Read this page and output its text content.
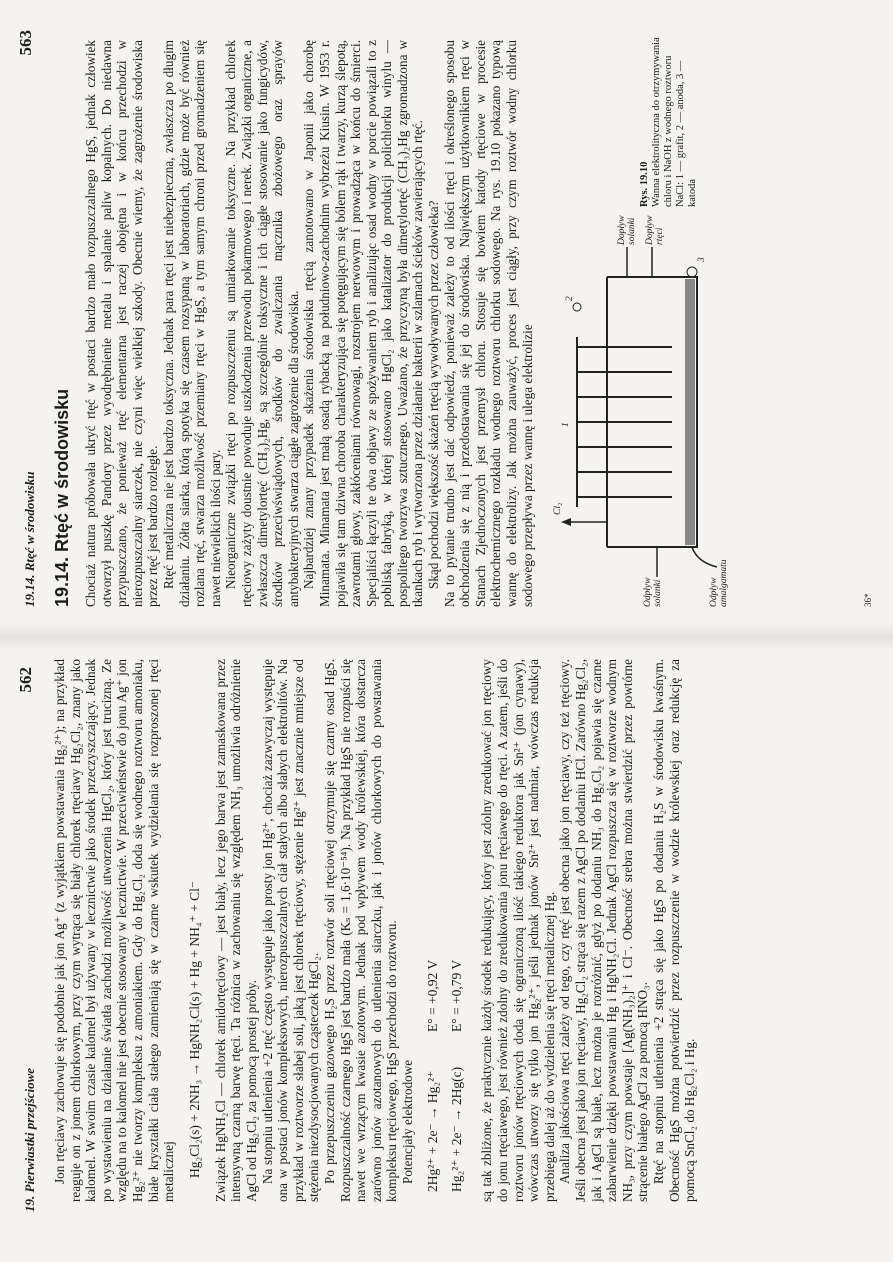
19. Pierwiastki przejściowe
562 Jon rtęciawy zachowuje się podobnie jak jon Ag⁺ (z wyjątkiem powstawania Hg₂²⁺); na przykład reaguje on z jonem chlorkowym, przy czym wytrąca się biały chlorek rtęciawy Hg₂Cl₂, znany jako kalomel. W swoim czasie kalomel był używany w lecznictwie jako środek przeczyszczający. Jednak po wystawieniu na działanie światła zachodzi możliwość utworzenia HgCl₂, który jest trucizną. Ze względu na to kalomel nie jest obecnie stosowany w lecznictwie. W przeciwieństwie do jonu Ag⁺ jon Hg₂²⁺ nie tworzy kompleksu z amoniakiem. Gdy do Hg₂Cl₂ doda się wodnego roztworu amoniaku, białe kryształki ciała stałego zamieniają się w czarne wskutek wydzielania się rozproszonej rtęci metalicznej Hg₂Cl₂(s) + 2NH₃ → HgNH₂Cl(s) + Hg + NH₄⁺ + Cl⁻ Związek HgNH₂Cl — chlorek amidortęciowy — jest biały, lecz jego barwa jest zamaskowana przez intensywną czarną barwę rtęci. Ta różnica w zachowaniu się względem NH₃ umożliwia odróżnienie AgCl od Hg₂Cl₂ za pomocą prostej próby. Na stopniu utlenienia +2 rtęć często występuje jako prosty jon Hg²⁺, chociaż zazwyczaj występuje ona w postaci jonów kompleksowych, nierozpuszczalnych ciał stałych albo słabych elektrolitów. Na przykład w roztworze słabej soli, jaką jest chlorek rtęciowy, stężenie Hg²⁺ jest znacznie mniejsze od stężenia niezdysocjowanych cząsteczek HgCl₂. Po przepuszczeniu gazowego H₂S przez roztwór soli rtęciowej otrzymuje się czarny osad HgS. Rozpuszczalność czarnego HgS jest bardzo mała (Kₛ = 1,6·10⁻⁵⁴). Na przykład HgS nie rozpuści się nawet we wrzącym kwasie azotowym. Jednak pod wpływem wody królewskiej, która dostarcza zarówno jonów azotanowych do utlenienia siarczku, jak i jonów chlorkowych do powstawania kompleksu rtęciowego, HgS przechodzi do roztworu. Potencjały elektrodowe 2Hg²⁺ + 2e⁻ → Hg₂²⁺
E° = +0,92 V
Hg₂²⁺ + 2e⁻ → 2Hg(c)
E° = +0,79 V	są tak zbliżone, że praktycznie każdy środek redukujący, który jest zdolny zredukować jon rtęciowy do jonu rtęciawego, jest również zdolny do zredukowania jonu rtęciawego do rtęci. A zatem, jeśli do roztworu jonów rtęciowych doda się ograniczoną ilość takiego reduktora jak Sn²⁺ (jon cynawy), wówczas utworzy się tylko jon Hg₂²⁺, jeśli jednak jonów Sn²⁺ jest nadmiar, wówczas redukcja przebiega dalej aż do wydzielenia się rtęci metalicznej Hg. Analiza jakościowa rtęci zależy od tego, czy rtęć jest obecna jako jon rtęciawy, czy też rtęciowy. Jeśli obecna jest jako jon rtęciawy, Hg₂Cl₂ strąca się razem z AgCl po dodaniu HCl. Zarówno Hg₂Cl₂, jak i AgCl są białe, lecz można je rozróżnić, gdyż po dodaniu NH₃ do Hg₂Cl₂ pojawia się czarne zabarwienie dzięki powstawaniu Hg i HgNH₂Cl. Jednak AgCl rozpuszcza się w roztworze wodnym NH₃, przy czym powstaje [Ag(NH₃)₂]⁺ i Cl⁻. Obecność srebra można stwierdzić przez powtórne strącenie białego AgCl za pomocą HNO₃. Rtęć na stopniu utlenienia +2 strąca się jako HgS po dodaniu H₂S w środowisku kwaśnym. Obecność HgS można potwierdzić przez rozpuszczenie w wodzie królewskiej oraz redukcję za pomocą SnCl₂ do Hg₂Cl₂ i Hg.

19.14. Rtęć w środowisku
563
19.14. Rtęć w środowisku Chociaż natura próbowała ukryć rtęć w postaci bardzo mało rozpuszczalnego HgS, jednak człowiek otworzył puszkę Pandory przez wyodrębnienie metalu i spalanie paliw kopalnych. Do niedawna przypuszczano, że ponieważ rtęć elementarna jest raczej obojętna i w końcu przechodzi w nierozpuszczalny siarczek, nie czyni więc wielkiej szkody. Obecnie wiemy, że zagrożenie środowiska przez rtęć jest bardzo rozległe. Rtęć metaliczna nie jest bardzo toksyczna. Jednak para rtęci jest niebezpieczna, zwłaszcza po długim działaniu. Żółta siarka, którą spotyka się czasem rozsypaną w laboratoriach, gdzie może być również rozlana rtęć, stwarza możliwość przemiany rtęci w HgS, a tym samym chroni przed gromadzeniem się nawet niewielkich ilości pary. Nieorganiczne związki rtęci po rozpuszczeniu są umiarkowanie toksyczne. Na przykład chlorek rtęciowy zażyty doustnie powoduje uszkodzenia przewodu pokarmowego i nerek. Związki organiczne, a zwłaszcza dimetylortęć (CH₃)₂Hg, są szczególnie toksyczne i ich ciągłe stosowanie jako fungicydów, środków przeciwświądowych, środków do zwalczania mącznika zbożowego oraz sprayów antybakteryjnych stwarza ciągłe zagrożenie dla środowiska. Najbardziej znany przypadek skażenia środowiska rtęcią zanotowano w Japonii jako chorobę Minamata. Minamata jest małą osadą rybacką na południowo-zachodnim wybrzeżu Kiusin. W 1953 r. pojawiła się tam dziwna choroba charakteryzująca się potęgującym się bólem rąk i twarzy, kurzą ślepotą, zawrotami głowy, zakłóceniami równowagi, rozstrojem nerwowym i prowadząca w końcu do śmierci. Specjaliści łączyli te dwa objawy ze spożywaniem ryb i analizując osad wodny w porcie powiązali to z pobliską fabryką, w której stosowano HgCl₂ jako katalizator do produkcji polichlorku winylu — pospolitego tworzywa sztucznego. Uważano, że przyczyną była dimetylortęć (CH₃)₂Hg zgromadzona w tkankach ryb i wytworzona przez działanie bakterii w szlamach ścieków zawierających rtęć. Skąd pochodzi większość skażeń rtęcią wywoływanych przez człowieka? Na to pytanie trudno jest dać odpowiedź, ponieważ zależy to od ilości rtęci i określonego sposobu obchodzenia się z nią i przedostawania się jej do środowiska. Największym użytkownikiem rtęci w Stanach Zjednoczonych jest przemysł chloru. Stosuje się bowiem katody rtęciowe w procesie elektrochemicznego rozkładu wodnego roztworu chlorku sodowego. Na rys. 19.10 pokazano typową wannę do elektrolizy. Jak można zauważyć, proces jest ciągły, przy czym roztwór wodny chlorku sodowego przepływa przez wannę i ulega elektrolizie Cl₂
1
2
3
Odpływ solanki
Dopływ solanki Dopływ rtęci
Odpływ amalgamatu
Rys. 19.10 Wanna elektrolityczna do otrzymywania chloru i NaOH z wodnego roztworu NaCl: 1 — grafit, 2 — anoda, 3 — katoda
36*
